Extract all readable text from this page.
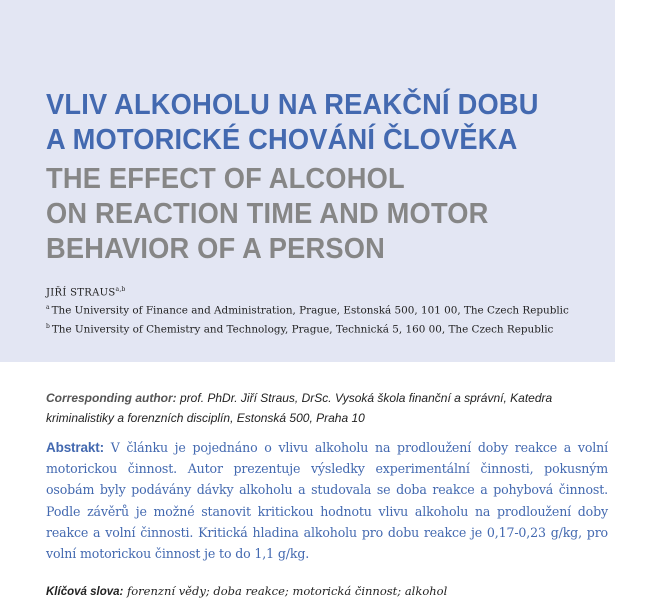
VLIV ALKOHOLU NA REAKČNÍ DOBU
A MOTORICKÉ CHOVÁNÍ ČLOVĚKA
THE EFFECT OF ALCOHOL
ON REACTION TIME AND MOTOR
BEHAVIOR OF A PERSON
JIŘÍ STRAUS$^{a,b}$
$^a$ The University of Finance and Administration, Prague, Estonská 500, 101 00, The Czech Republic
$^b$ The University of Chemistry and Technology, Prague, Technická 5, 160 00, The Czech Republic

Corresponding author: prof. PhDr. Jiří Straus, DrSc. Vysoká škola finanční a správní, Katedra kriminalistiky a forenzních disciplín, Estonská 500, Praha 10

Abstrakt: V článku je pojednáno o vlivu alkoholu na prodloužení doby reakce a volní motorickou činnost. Autor prezentuje výsledky experimentální činnosti, pokusným osobám byly podávány dávky alkoholu a studovala se doba reakce a pohybová činnost. Podle závěrů je možné stanovit kritickou hodnotu vlivu alkoholu na prodloužení doby reakce a volní činnosti. Kritická hladina alkoholu pro dobu reakce je 0,17-0,23 g/kg, pro volní motorickou činnost je to do 1,1 g/kg.

Klíčová slova: forenzní vědy; doba reakce; motorická činnost; alkohol
